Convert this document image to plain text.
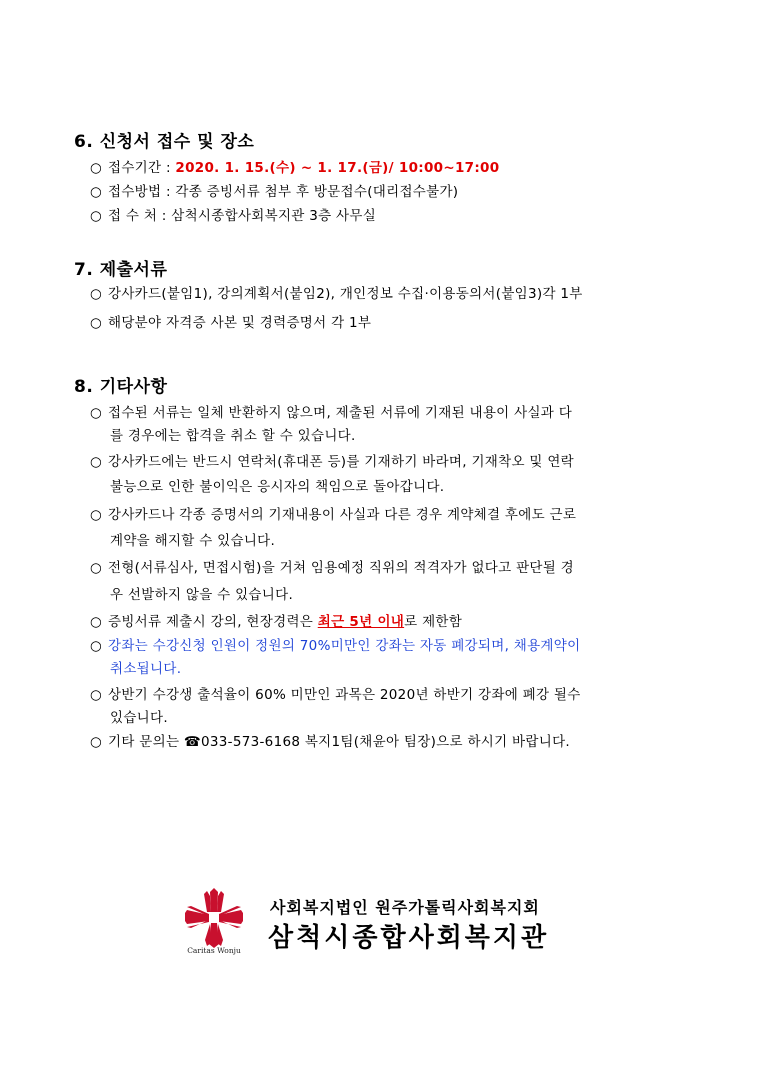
6. 신청서 접수 및 장소
○ 접수기간 : 2020. 1. 15.(수) ~ 1. 17.(금)/ 10:00~17:00
○ 접수방법 : 각종 증빙서류 첨부 후 방문접수(대리접수불가)
○ 접 수 처 : 삼척시종합사회복지관 3층 사무실
7. 제출서류
○ 강사카드(붙임1), 강의계획서(붙임2), 개인정보 수집·이용동의서(붙임3)각 1부
○ 해당분야 자격증 사본 및 경력증명서 각 1부
8. 기타사항
○ 접수된 서류는 일체 반환하지 않으며, 제출된 서류에 기재된 내용이 사실과 다
를 경우에는 합격을 취소 할 수 있습니다.
○ 강사카드에는 반드시 연락처(휴대폰 등)를 기재하기 바라며, 기재착오 및 연락
불능으로 인한 불이익은 응시자의 책임으로 돌아갑니다.
○ 강사카드나 각종 증명서의 기재내용이 사실과 다른 경우 계약체결 후에도 근로
계약을 해지할 수 있습니다.
○ 전형(서류심사, 면접시험)을 거쳐 임용예정 직위의 적격자가 없다고 판단될 경
우 선발하지 않을 수 있습니다.
○ 증빙서류 제출시 강의, 현장경력은 최근 5년 이내로 제한함
○ 강좌는 수강신청 인원이 정원의 70%미만인 강좌는 자동 폐강되며, 채용계약이
취소됩니다.
○ 상반기 수강생 출석율이 60% 미만인 과목은 2020년 하반기 강좌에 폐강 될수
있습니다.
○ 기타 문의는 ☎033-573-6168 복지1팀(채윤아 팀장)으로 하시기 바랍니다.
Caritas Wonju
사회복지법인 원주가톨릭사회복지회
삼척시종합사회복지관
